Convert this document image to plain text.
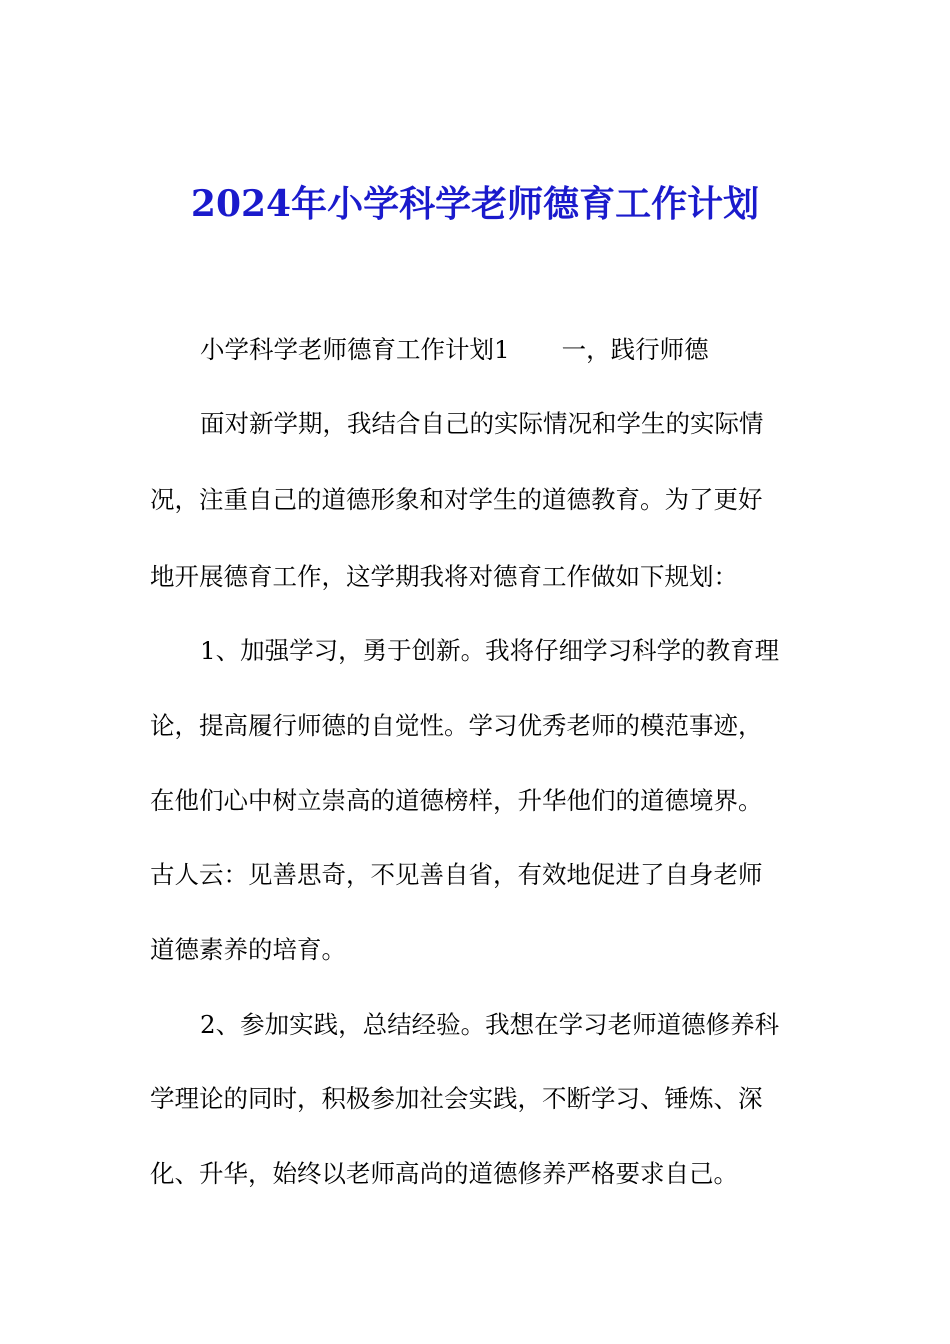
2024年小学科学老师德育工作计划
小学科学老师德育工作计划1 一，践行师德
面对新学期，我结合自己的实际情况和学生的实际情
况，注重自己的道德形象和对学生的道德教育。为了更好
地开展德育工作，这学期我将对德育工作做如下规划：
1、加强学习，勇于创新。我将仔细学习科学的教育理
论，提高履行师德的自觉性。学习优秀老师的模范事迹，
在他们心中树立崇高的道德榜样，升华他们的道德境界。
古人云：见善思奇，不见善自省，有效地促进了自身老师
道德素养的培育。
2、参加实践，总结经验。我想在学习老师道德修养科
学理论的同时，积极参加社会实践，不断学习、锤炼、深
化、升华，始终以老师高尚的道德修养严格要求自己。
